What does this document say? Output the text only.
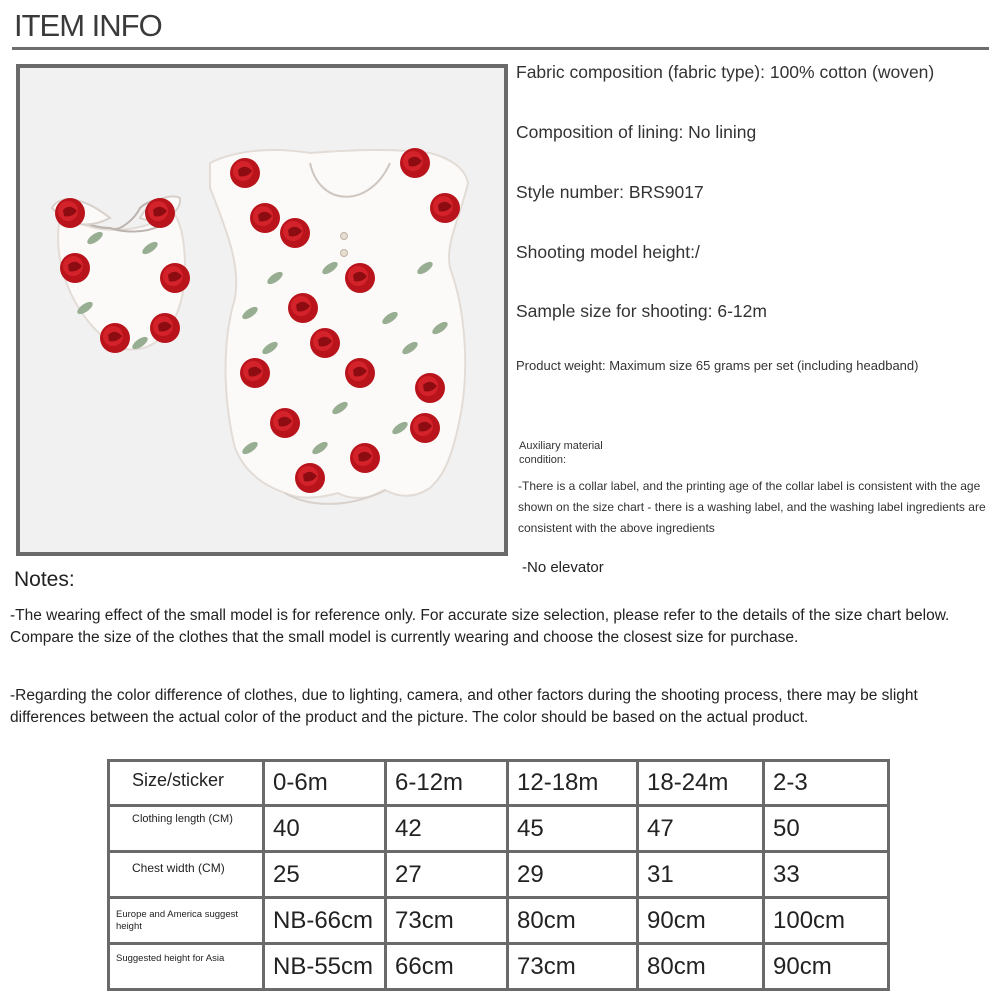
ITEM INFO
Fabric composition (fabric type): 100% cotton (woven)
Composition of lining: No lining
Style number: BRS9017
Shooting model height:/
Sample size for shooting: 6-12m
Product weight: Maximum size 65 grams per set (including headband)
Auxiliary material condition:
-There is a collar label, and the printing age of the collar label is consistent with the age shown on the size chart - there is a washing label, and the washing label ingredients are consistent with the above ingredients
-No elevator
Notes:
-The wearing effect of the small model is for reference only. For accurate size selection, please refer to the details of the size chart below. Compare the size of the clothes that the small model is currently wearing and choose the closest size for purchase.
-Regarding the color difference of clothes, due to lighting, camera, and other factors during the shooting process, there may be slight differences between the actual color of the product and the picture. The color should be based on the actual product.
Size/sticker	0-6m	6-12m	12-18m	18-24m	2-3
Clothing length (CM)	40	42	45	47	50
Chest width (CM)	25	27	29	31	33
Europe and America suggest height	NB-66cm	73cm	80cm	90cm	100cm
Suggested height for Asia	NB-55cm	66cm	73cm	80cm	90cm
